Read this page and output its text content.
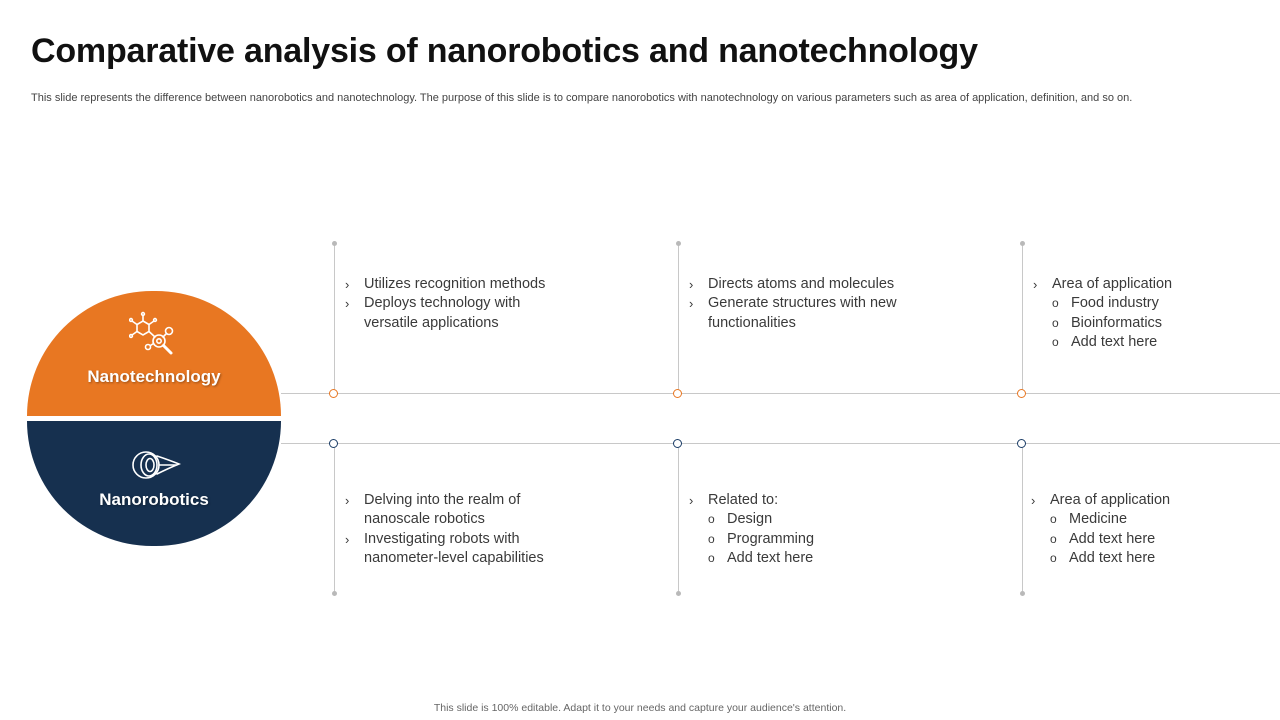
Comparative analysis of nanorobotics and nanotechnology

This slide represents the difference between nanorobotics and nanotechnology. The purpose of this slide is to compare nanorobotics with nanotechnology on various parameters such as area of application, definition, and so on.

Nanotechnology
Nanorobotics
› Utilizes recognition methods
› Deploys technology with
versatile applications
› Directs atoms and molecules
› Generate structures with new
functionalities
› Area of application
o Food industry
o Bioinformatics
o Add text here
› Delving into the realm of
nanoscale robotics
› Investigating robots with
nanometer-level capabilities
› Related to:
o Design
o Programming
o Add text here
› Area of application
o Medicine
o Add text here
o Add text here
This slide is 100% editable. Adapt it to your needs and capture your audience's attention.
